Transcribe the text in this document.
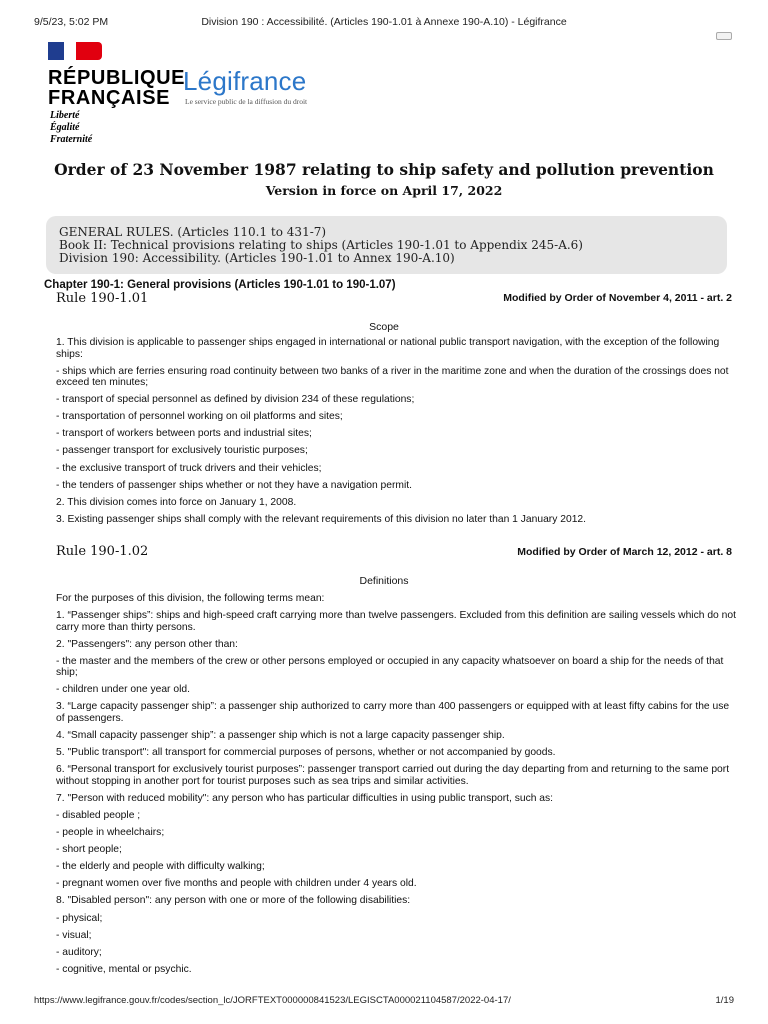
9/5/23, 5:02 PM	Division 190 : Accessibilité. (Articles 190-1.01 à Annexe 190-A.10) - Légifrance
RÉPUBLIQUE
FRANÇAISE
Liberté
Égalité
Fraternité
Légifrance
Le service public de la diffusion du droit
Order of 23 November 1987 relating to ship safety and pollution prevention
Version in force on April 17, 2022
GENERAL RULES. (Articles 110.1 to 431-7)
Book II: Technical provisions relating to ships (Articles 190-1.01 to Appendix 245-A.6)
Division 190: Accessibility. (Articles 190-1.01 to Annex 190-A.10)
Chapter 190-1: General provisions (Articles 190-1.01 to 190-1.07)
Rule 190-1.01	Modified by Order of November 4, 2011 - art. 2
Scope

1. This division is applicable to passenger ships engaged in international or national public transport navigation, with the exception of the following ships:

- ships which are ferries ensuring road continuity between two banks of a river in the maritime zone and when the duration of the crossings does not exceed ten minutes;

- transport of special personnel as defined by division 234 of these regulations;

- transportation of personnel working on oil platforms and sites;

- transport of workers between ports and industrial sites;

- passenger transport for exclusively touristic purposes;

- the exclusive transport of truck drivers and their vehicles;

- the tenders of passenger ships whether or not they have a navigation permit.

2. This division comes into force on January 1, 2008.

3. Existing passenger ships shall comply with the relevant requirements of this division no later than 1 January 2012.

Rule 190-1.02	Modified by Order of March 12, 2012 - art. 8
Definitions

For the purposes of this division, the following terms mean:

1. “Passenger ships”: ships and high-speed craft carrying more than twelve passengers. Excluded from this definition are sailing vessels which do not carry more than thirty persons.

2. "Passengers": any person other than:

- the master and the members of the crew or other persons employed or occupied in any capacity whatsoever on board a ship for the needs of that ship;

- children under one year old.

3. “Large capacity passenger ship”: a passenger ship authorized to carry more than 400 passengers or equipped with at least fifty cabins for the use of passengers.

4. “Small capacity passenger ship”: a passenger ship which is not a large capacity passenger ship.

5. "Public transport": all transport for commercial purposes of persons, whether or not accompanied by goods.

6. “Personal transport for exclusively tourist purposes”: passenger transport carried out during the day departing from and returning to the same port without stopping in another port for tourist purposes such as sea trips and similar activities.

7. "Person with reduced mobility": any person who has particular difficulties in using public transport, such as:

- disabled people ;

- people in wheelchairs;

- short people;

- the elderly and people with difficulty walking;

- pregnant women over five months and people with children under 4 years old.

8. "Disabled person": any person with one or more of the following disabilities:

- physical;

- visual;

- auditory;

- cognitive, mental or psychic.

https://www.legifrance.gouv.fr/codes/section_lc/JORFTEXT000000841523/LEGISCTA000021104587/2022-04-17/	1/19
